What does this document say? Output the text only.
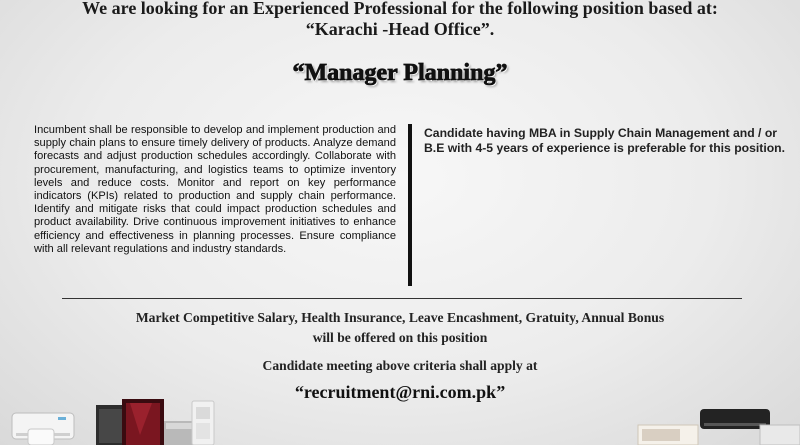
We are looking for an Experienced Professional for the following position based at:
“Karachi -Head Office”.
“Manager Planning”
Incumbent shall be responsible to develop and implement production and supply chain plans to ensure timely delivery of products. Analyze demand forecasts and adjust production schedules accordingly. Collaborate with procurement, manufacturing, and logistics teams to optimize inventory levels and reduce costs. Monitor and report on key performance indicators (KPIs) related to production and supply chain performance. Identify and mitigate risks that could impact production schedules and product availability. Drive continuous improvement initiatives to enhance efficiency and effectiveness in planning processes. Ensure compliance with all relevant regulations and industry standards.
Candidate having MBA in Supply Chain Management and / or B.E with 4-5 years of experience is preferable for this position.
Market Competitive Salary, Health Insurance, Leave Encashment, Gratuity, Annual Bonus
will be offered on this position
Candidate meeting above criteria shall apply at
“recruitment@rni.com.pk”
